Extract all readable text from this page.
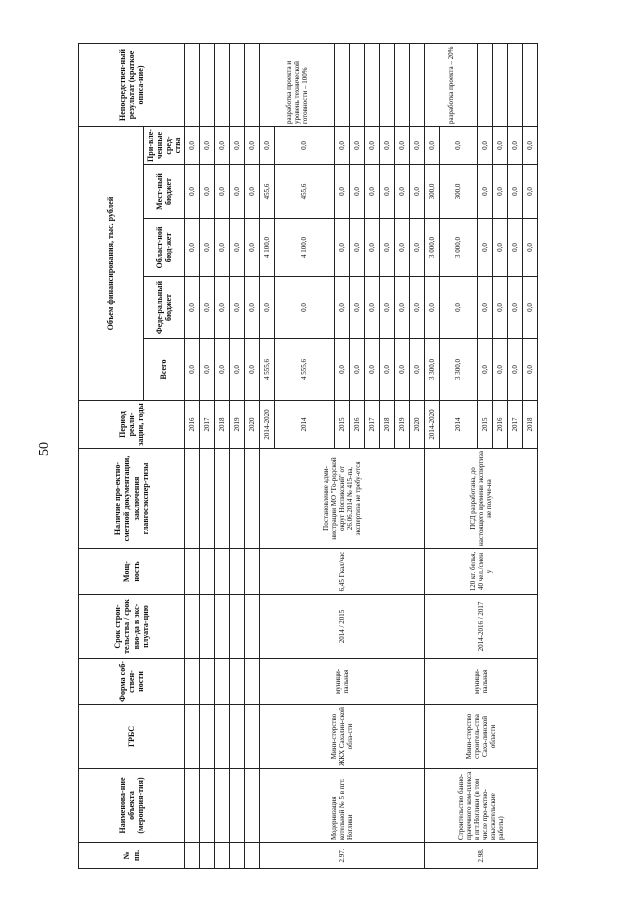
50
№ пп.	Наименова-ние объекта (мероприя-тия)	ГРБС	Форма соб-ствен-ности	Срок строи-тельства / срок вво-да в экс-плуата-цию	Мощ-ность	Наличие про-ектно-сметной документации, заключения главгосэкспер-тизы	Период реали-зации, годы	Объем финансирования, тыс. рублей					Непосредствен-ный результат (краткое описа-ние)
								Всего	Феде-ральный бюджет	Област-ной бюд-жет	Мест-ный бюджет	При-вле-ченные сред-ства	
							2016	0,0	0,0	0,0	0,0	0,0	
							2017	0,0	0,0	0,0	0,0	0,0	
							2018	0,0	0,0	0,0	0,0	0,0	
							2019	0,0	0,0	0,0	0,0	0,0	
							2020	0,0	0,0	0,0	0,0	0,0	
2.97.	Модернизация котельной № 5 в пгт. Ноглики	Мини-стерство ЖКХ Сахалин-ской обла-сти	муници-пальная	2014 / 2015	6,45 Гкал/час	Постановление адми-нистрации МО "Го-родской округ Ногликский" от 26.06.2014 № 415-па, экспертиза не требу-ется	2014-2020	4 555,6	0,0	4 100,0	455,6	0,0	разработка проекта и уровень технической готовности – 100%
							2014	4 555,6	0,0	4 100,0	455,6	0,0	
							2015	0,0	0,0	0,0	0,0	0,0	
							2016	0,0	0,0	0,0	0,0	0,0	
							2017	0,0	0,0	0,0	0,0	0,0	
							2018	0,0	0,0	0,0	0,0	0,0	
							2019	0,0	0,0	0,0	0,0	0,0	
							2020	0,0	0,0	0,0	0,0	0,0	
2.98.	Строительство банно-прачечного ком-плекса в пгт.Ноглики (в том числе про-ектно-изыскательские работы)	Мини-стерство строитель-ства Саха-линской области	муници-пальная	2014-2016 / 2017	120 кг. белья, 40 чел./смен у	ПСД разработана, до настоящего времени экспертиза не получе-на	2014-2020	3 300,0	0,0	3 000,0	300,0	0,0	разработка проекта – 20%
							2014	3 300,0	0,0	3 000,0	300,0	0,0	
							2015	0,0	0,0	0,0	0,0	0,0	
							2016	0,0	0,0	0,0	0,0	0,0	
							2017	0,0	0,0	0,0	0,0	0,0	
							2018	0,0	0,0	0,0	0,0	0,0	
